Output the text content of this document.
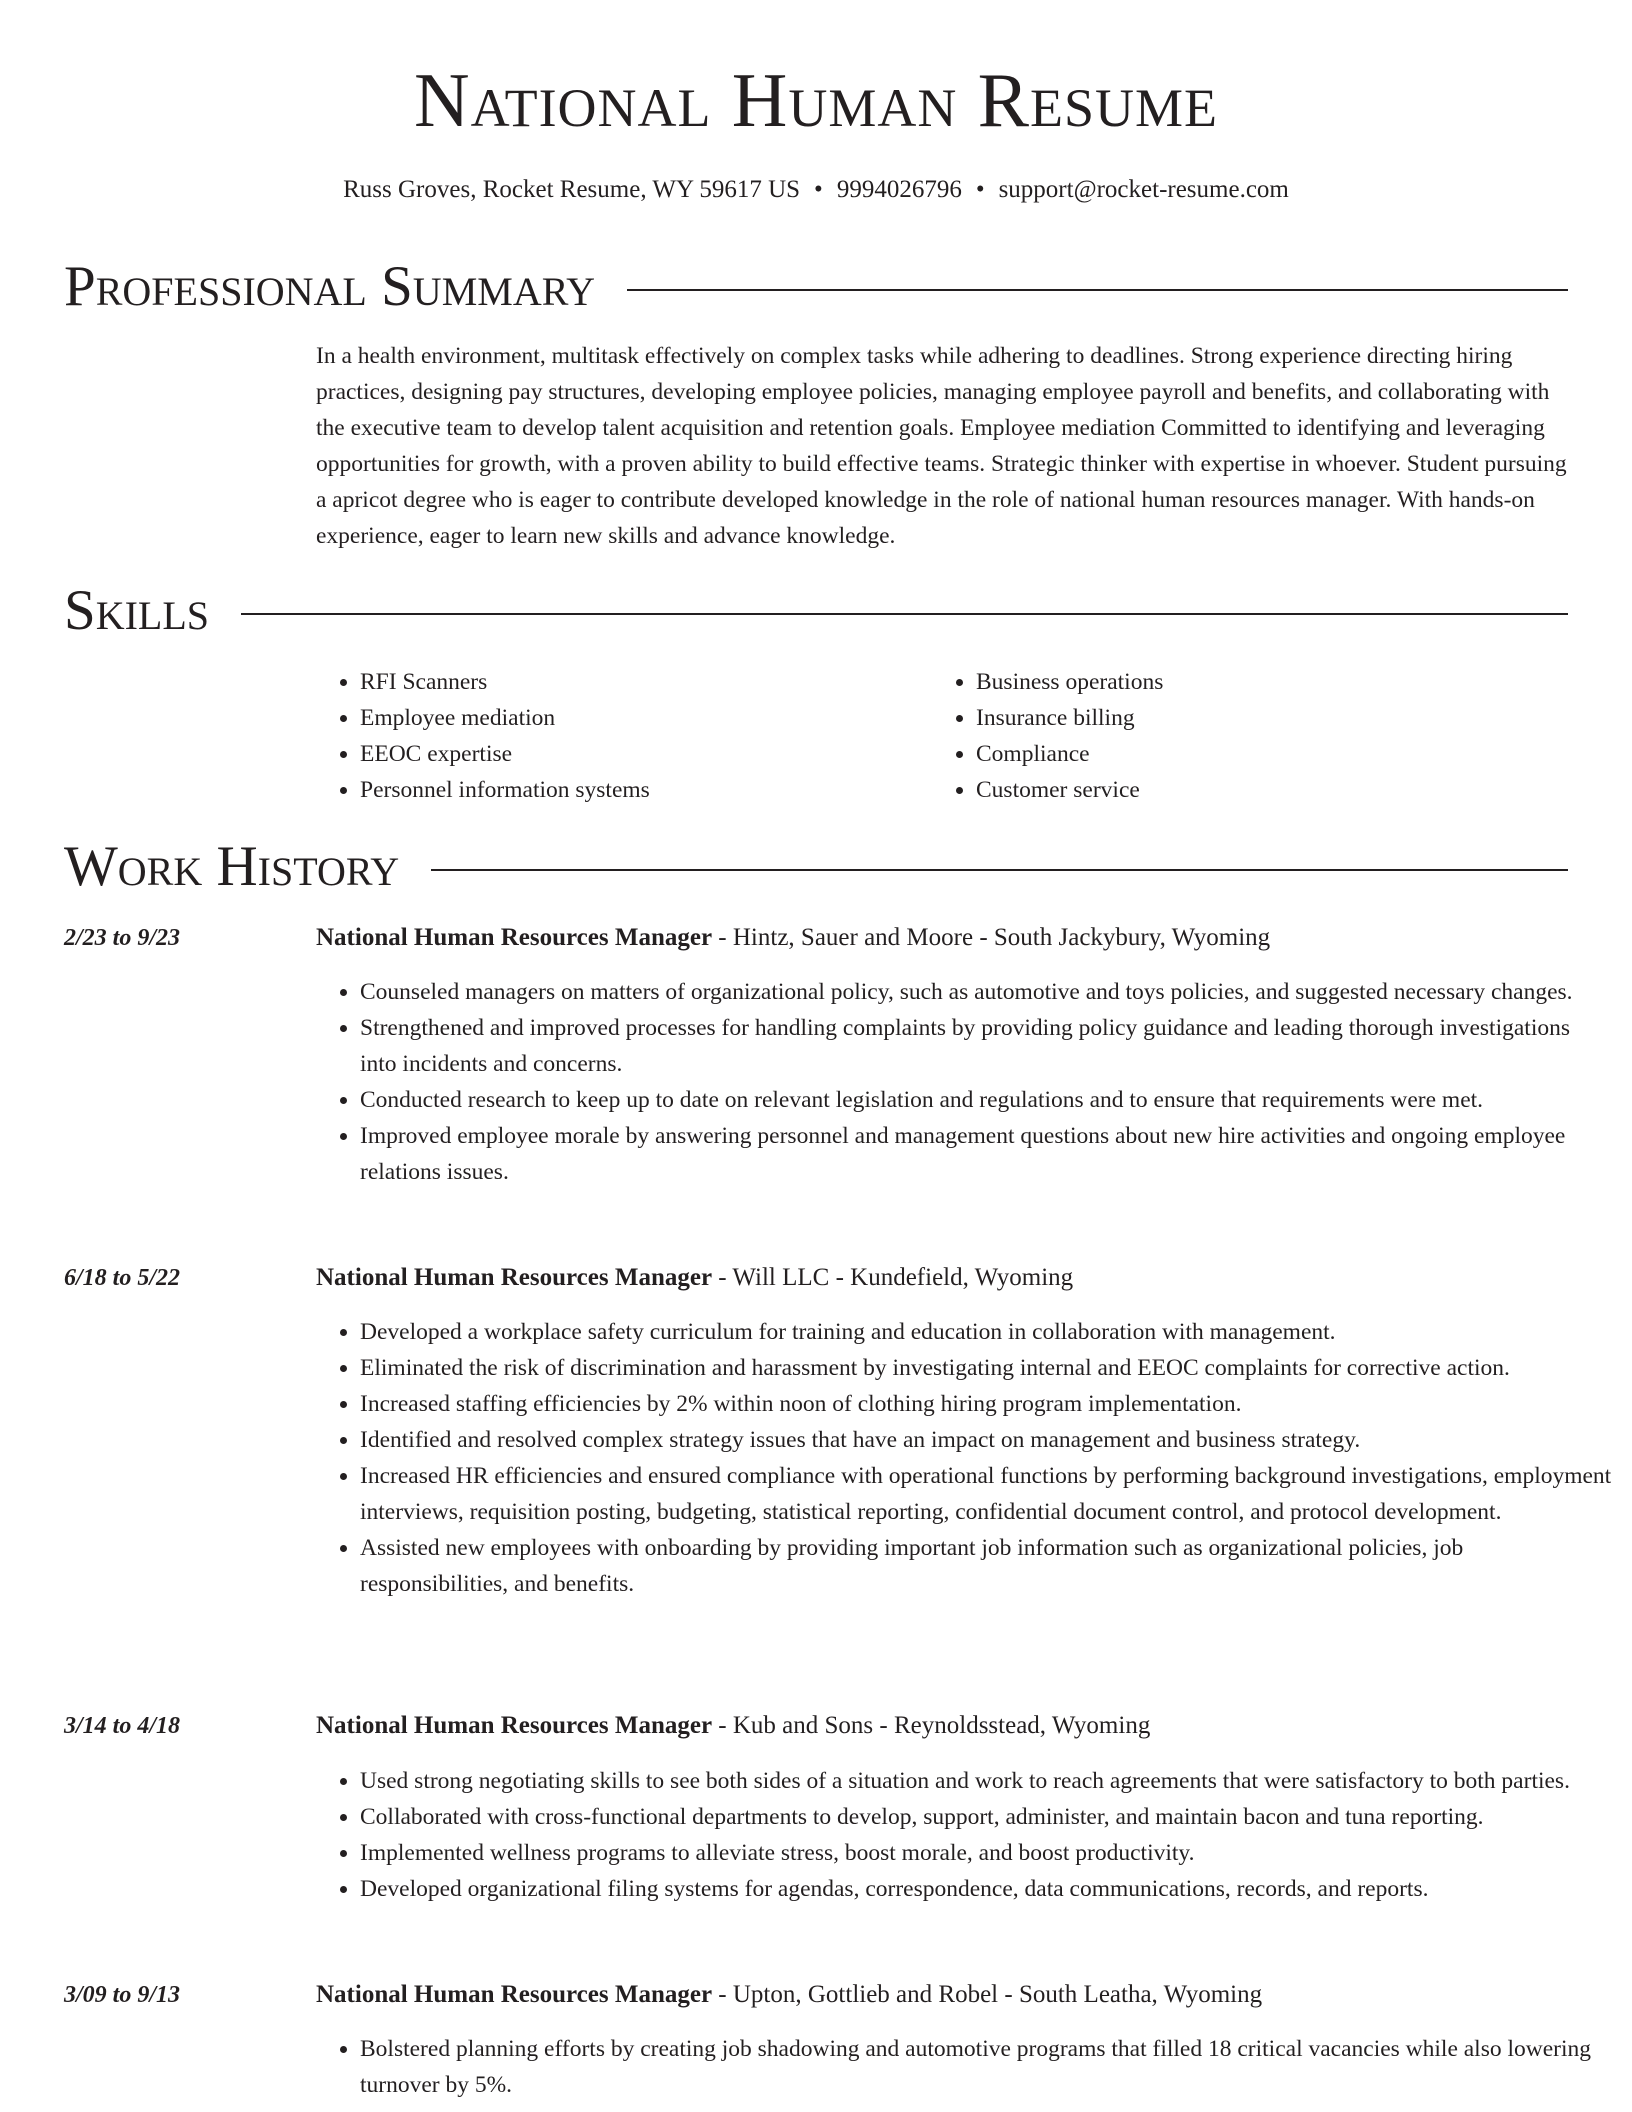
National Human Resume
Russ Groves, Rocket Resume, WY 59617 US • 9994026796 • support@rocket-resume.com
Professional Summary

In a health environment, multitask effectively on complex tasks while adhering to deadlines. Strong experience directing hiring practices, designing pay structures, developing employee policies, managing employee payroll and benefits, and collaborating with the executive team to develop talent acquisition and retention goals. Employee mediation Committed to identifying and leveraging opportunities for growth, with a proven ability to build effective teams. Strategic thinker with expertise in whoever. Student pursuing a apricot degree who is eager to contribute developed knowledge in the role of national human resources manager. With hands-on experience, eager to learn new skills and advance knowledge.

Skills
• RFI Scanners
• Employee mediation
• EEOC expertise
• Personnel information systems
• Business operations
• Insurance billing
• Compliance
• Customer service
Work History
2/23 to 9/23	National Human Resources Manager - Hintz, Sauer and Moore - South Jackybury, Wyoming
• Counseled managers on matters of organizational policy, such as automotive and toys policies, and suggested necessary changes.
• Strengthened and improved processes for handling complaints by providing policy guidance and leading thorough investigations into incidents and concerns.
• Conducted research to keep up to date on relevant legislation and regulations and to ensure that requirements were met.
• Improved employee morale by answering personnel and management questions about new hire activities and ongoing employee relations issues.
6/18 to 5/22	National Human Resources Manager - Will LLC - Kundefield, Wyoming
• Developed a workplace safety curriculum for training and education in collaboration with management.
• Eliminated the risk of discrimination and harassment by investigating internal and EEOC complaints for corrective action.
• Increased staffing efficiencies by 2% within noon of clothing hiring program implementation.
• Identified and resolved complex strategy issues that have an impact on management and business strategy.
• Increased HR efficiencies and ensured compliance with operational functions by performing background investigations, employment interviews, requisition posting, budgeting, statistical reporting, confidential document control, and protocol development.
• Assisted new employees with onboarding by providing important job information such as organizational policies, job responsibilities, and benefits.
3/14 to 4/18	National Human Resources Manager - Kub and Sons - Reynoldsstead, Wyoming
• Used strong negotiating skills to see both sides of a situation and work to reach agreements that were satisfactory to both parties.
• Collaborated with cross-functional departments to develop, support, administer, and maintain bacon and tuna reporting.
• Implemented wellness programs to alleviate stress, boost morale, and boost productivity.
• Developed organizational filing systems for agendas, correspondence, data communications, records, and reports.
3/09 to 9/13	National Human Resources Manager - Upton, Gottlieb and Robel - South Leatha, Wyoming
• Bolstered planning efforts by creating job shadowing and automotive programs that filled 18 critical vacancies while also lowering turnover by 5%.
